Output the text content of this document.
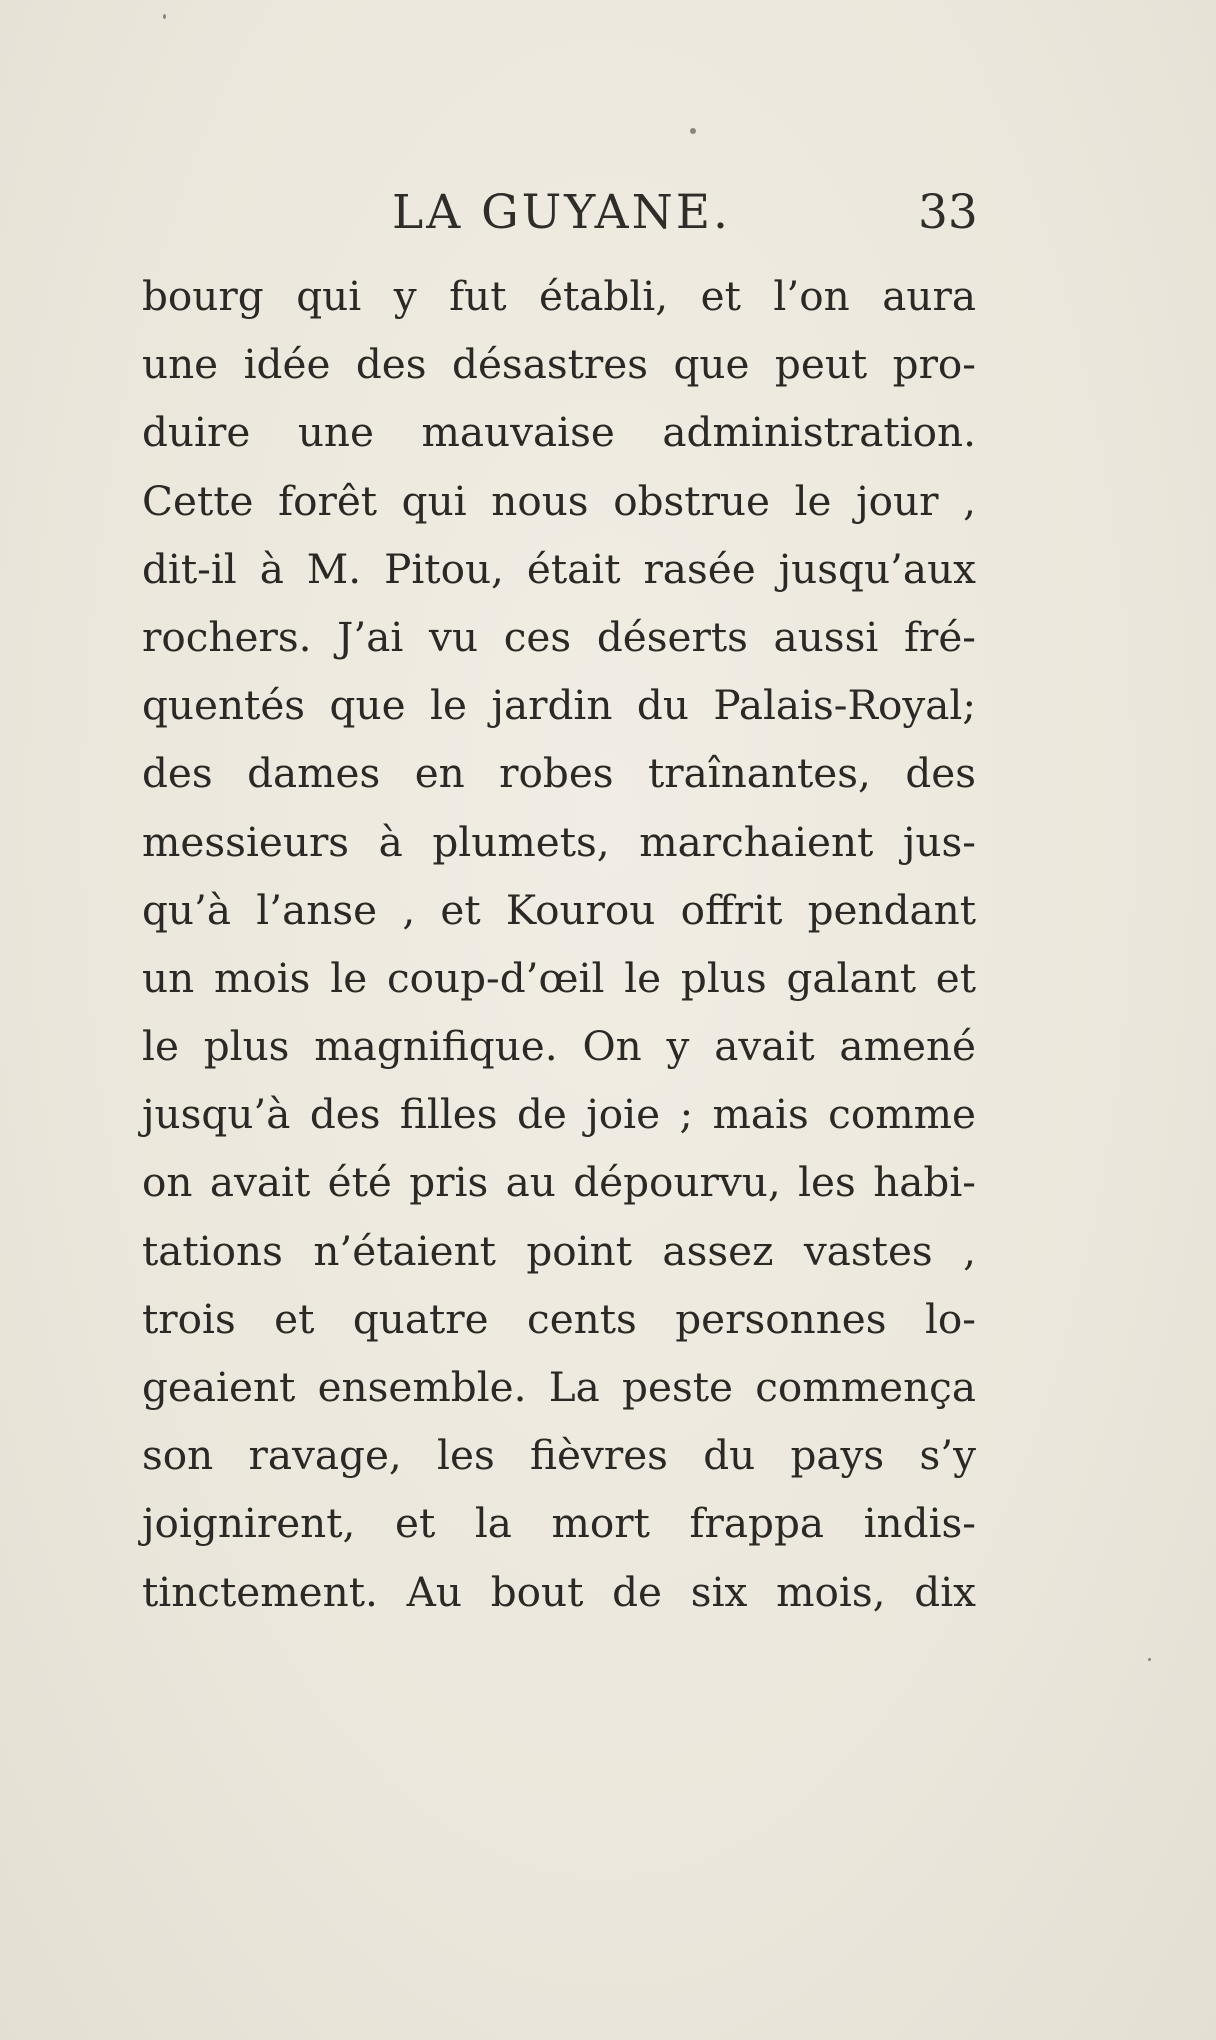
LA GUYANE.	33
bourg qui y fut établi, et l’on aura
une idée des désastres que peut pro-
duire une mauvaise administration.
Cette forêt qui nous obstrue le jour ,
dit-il à M. Pitou, était rasée jusqu’aux
rochers. J’ai vu ces déserts aussi fré-
quentés que le jardin du Palais-Royal;
des dames en robes traînantes, des
messieurs à plumets, marchaient jus-
qu’à l’anse , et Kourou offrit pendant
un mois le coup-d’œil le plus galant et
le plus magnifique. On y avait amené
jusqu’à des filles de joie ; mais comme
on avait été pris au dépourvu, les habi-
tations n’étaient point assez vastes ,
trois et quatre cents personnes lo-
geaient ensemble. La peste commença
son ravage, les fièvres du pays s’y
joignirent, et la mort frappa indis-
tinctement. Au bout de six mois, dix
